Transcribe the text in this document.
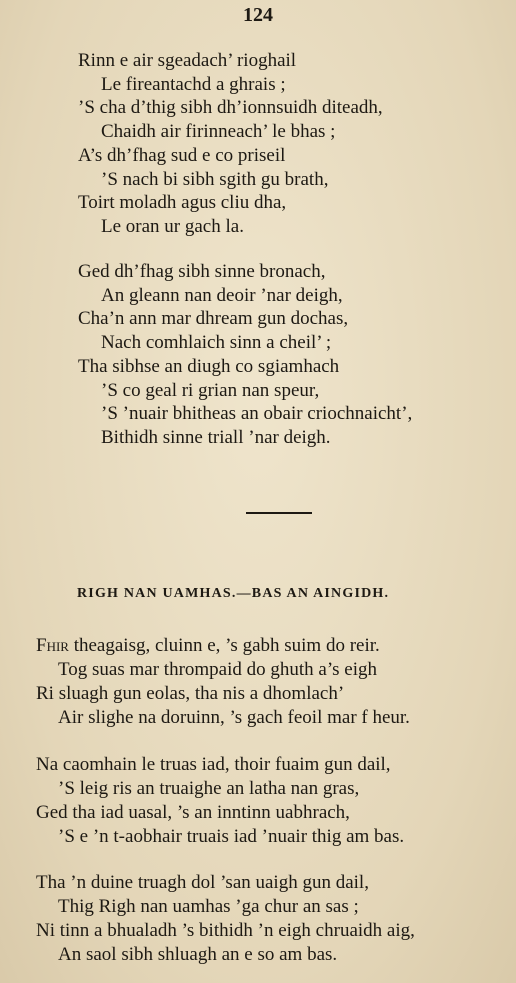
124
Rinn e air sgeadach’ rioghail
Le fireantachd a ghrais ;
’S cha d’thig sibh dh’ionnsuidh diteadh,
Chaidh air firinneach’ le bhas ;
A’s dh’fhag sud e co priseil
’S nach bi sibh sgith gu brath,
Toirt moladh agus cliu dha,
Le oran ur gach la.
Ged dh’fhag sibh sinne bronach,
An gleann nan deoir ’nar deigh,
Cha’n ann mar dhream gun dochas,
Nach comhlaich sinn a cheil’ ;
Tha sibhse an diugh co sgiamhach
’S co geal ri grian nan speur,
’S ’nuair bhitheas an obair criochnaicht’,
Bithidh sinne triall ’nar deigh.
RIGH NAN UAMHAS.—BAS AN AINGIDH.
Fhir theagaisg, cluinn e, ’s gabh suim do reir.
Tog suas mar thrompaid do ghuth a’s eigh
Ri sluagh gun eolas, tha nis a dhomlach’
Air slighe na doruinn, ’s gach feoil mar f heur.
Na caomhain le truas iad, thoir fuaim gun dail,
’S leig ris an truaighe an latha nan gras,
Ged tha iad uasal, ’s an inntinn uabhrach,
’S e ’n t-aobhair truais iad ’nuair thig am bas.
Tha ’n duine truagh dol ’san uaigh gun dail,
Thig Righ nan uamhas ’ga chur an sas ;
Ni tinn a bhualadh ’s bithidh ’n eigh chruaidh aig,
An saol sibh shluagh an e so am bas.
